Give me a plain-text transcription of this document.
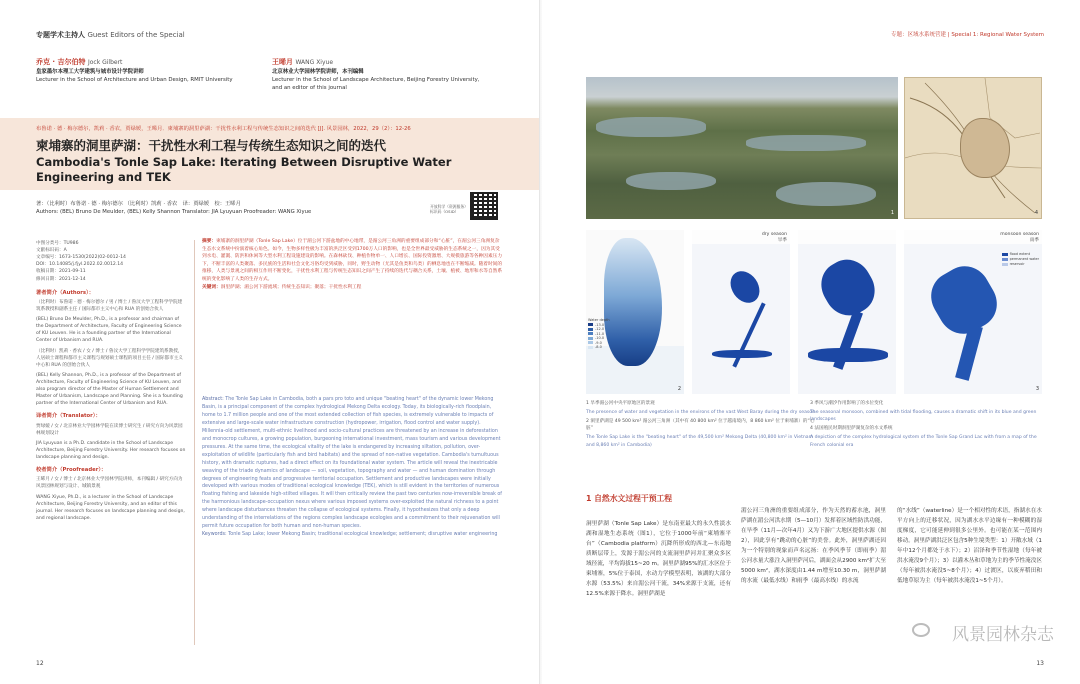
专题学术主持人 Guest Editors of the Special
乔克 · 吉尔伯特 Jock Gilbert
皇家墨尔本理工大学建筑与城市设计学院讲师
Lecturer in the School of Architecture and Urban Design, RMIT University
王晞月 WANG Xiyue
北京林业大学园林学院讲师，本刊编辑
Lecturer in the School of Landscape Architecture, Beijing Forestry University, and an editor of this journal
布鲁诺 · 德 · 梅尔德尔，凯莉 · 香农，贾绿媛，王晞月．柬埔寨的洞里萨湖：干扰性水利工程与传统生态知识之间的迭代 [J]. 风景园林，2022，29（2）：12-26
柬埔寨的洞里萨湖：干扰性水利工程与传统生态知识之间的迭代
Cambodia's Tonle Sap Lake: Iterating Between Disruptive Water Engineering and TEK
开放科学（资源服务）标识码（OSID）
著：（比利时）布鲁诺 · 德 · 梅尔德尔 （比利时）凯莉 · 香农　译：贾绿媛　校：王晞月
Authors: (BEL) Bruno De Meulder, (BEL) Kelly Shannon Translator: JIA Lyuyuan Proofreader: WANG Xiyue
中图分类号：TU986
文献标识码：A
文章编号：1673-1530(2022)02-0012-14
DOI：10.14085/j.fjyl.2022.02.0012.14
收稿日期：2021-09-11
修回日期：2021-12-14
著者简介（Authors）：

（比利时）布鲁诺 · 德 · 梅尔德尔 / 男 / 博士 / 鲁汶大学工程科学学院建筑系教授和副系主任 / 国际都市主义中心和 RUA 的创始合伙人

(BEL) Bruno De Meulder, Ph.D., is a professor and chairman of the Department of Architecture, Faculty of Engineering Science of KU Leuven. He is a founding partner of the International Center of Urbanism and RUA.

（比利时）凯莉 · 香农 / 女 / 博士 / 鲁汶大学工程科学学院建筑系教授，人居硕士课程和都市主义课程与规划硕士课程的项目主任 / 国际都市主义中心和 RUA 的创始合伙人

(BEL) Kelly Shannon, Ph.D., is a professor of the Department of Architecture, Faculty of Engineering Science of KU Leuven, and also program director of the Master of Human Settlement and Master of Urbanism, Landscape and Planning. She is a founding partner of the International Center of Urbanism and RUA.

译者简介（Translator）：

贾绿媛 / 女 / 北京林业大学园林学院在读博士研究生 / 研究方向为风景园林规划设计

JIA Lyuyuan is a Ph.D. candidate in the School of Landscape Architecture, Beijing Forestry University. Her research focuses on landscape planning and design.

校者简介（Proofreader）：

王晞月 / 女 / 博士 / 北京林业大学园林学院讲师，本刊编辑 / 研究方向为风景园林规划与设计、城镇景观

WANG Xiyue, Ph.D., is a lecturer in the School of Landscape Architecture, Beijing Forestry University, and an editor of this journal. Her research focuses on landscape planning and design, and regional landscape.

摘要：柬埔寨的洞里萨湖（Tonle Sap Lake）位于湄公河下游盆地的中心地带，是湄公河三角洲的重要组成部分和“心脏”，在湄公河三角洲复杂生态水文系统中扮演着核心角色。如今，生物多样性极为丰富的洪泛区受到1700万人口的影响，也是全世界最受威胁的生态系统之一，因为其受到水电、灌溉、防洪和休闲等大型水利工程设施建设的影响。在森林砍伐、种植作物单一、人口增长、国际投资激增、大规模旅游等各种因素压力下，不断丰富的人类聚落、多民族的生活和社会文化习俗均受到威胁，同时，野生动物（尤其是鱼类和鸟类）的栖息地也在不断缩减。随着时间的推移，人类与景观之间的相互作用不断变化，干扰性水利工程与传统生态知识之间产生了持续的迭代与耦合关系，土壤、植被、地形和水等自然系统的变化影响了人类的生存方式。
关键词：洞里萨湖；湄公河下游流域；传统生态知识；聚落；干扰性水利工程
Abstract: The Tonle Sap Lake in Cambodia, both a pars pro toto and unique "beating heart" of the dynamic lower Mekong Basin, is a principal component of the complex hydrological Mekong Delta ecology. Today, its biologically-rich floodplain, home to 1.7 million people and one of the most extended collection of fish species, is extremely vulnerable to impacts of extensive and large-scale water infrastructure construction (hydropower, irrigation, flood control and water supply). Millennia-old settlement, multi-ethnic livelihood and socio-cultural practices are threatened by an increase in deforestation and monocrop cultures, a growing population, burgeoning international investment, mass tourism and various development pressures. At the same time, the ecological vitality of the lake is endangered by increasing siltation, pollution, over-exploitation of wildlife (particularly fish and bird habitats) and the spread of non-native vegetation. Cambodia's tumultuous history, with dramatic ruptures, had a direct effect on its foundational water system. The article will reveal the inextricable weaving of the triade dynamics of landscape — soil, vegetation, topography and water — and human domination through degrees of engineering feats and progressive territorial occupation. Settlement and productive landscapes were initially developed with various modes of traditional ecological knowledge (TEK), which is still evident in the territories of numerous floating fishing and lakeside high-stilted villages. It will then critically review the past two centuries now-irreversible break of the harmonious landscape-occupation nexus where various imposed systems over-exploited the natural richness to a point where landscape disturbances threaten the collapse of ecological systems. Finally, it hypothesizes that only a deep understanding of the interrelations of the regions complex landscape ecologies and a commitment to their rejuvenation will permit future occupation for both human and non-human species.
Keywords: Tonle Sap Lake; lower Mekong Basin; traditional ecological knowledge; settlement; disruptive water engineering
12
专题：区域水系统营建 | Special 1: Regional Water System
1	4
Water depth
-13.0
-12.0
-11.0
-10.0
-9.0
-8.0
2
dry season
旱季
monsoon season
雨季
flood extent
permanent water
reservoir
3

1 旱季湄公河中央平原地区的景观

The presence of water and vegetation in the environs of the vast West Baray during the dry season

2 洞里萨湖是 49 500 km² 湄公河三角洲（其中有 40 800 km² 位于越南境内，8 860 km² 位于柬埔寨）的“心脏”

The Tonle Sap Lake is the "beating heart" of the 49,500 km² Mekong Delta (40,800 km² in Vietnam and 8,860 km² in Cambodia)

3 季风与潮汐作用影响了的水位变化

The seasonal monsoon, combined with tidal flooding, causes a dramatic shift in its blue and green landscapes

4 法国殖民时期洞里萨湖复杂的水文系统

A depiction of the complex hydrological system of the Tonle Sap Grand Lac with from a map of the French colonial era

1 自然水文过程干预工程
洞里萨湖（Tonle Sap Lake）是东南亚最大的永久性淡水湖和湿地生态系统（图1），它位于1000年前“柬埔寨平台”（Cambodia platform）沉降所形成的西北—东南地质断层带上，发源于湄公河的支流洞里萨河并汇聚众多区域径流，平均海拔15~20 m。洞里萨湖95%的汇水区位于柬埔寨，5%位于泰国，水动力学模型表明，该湖的大部分水源（53.5%）来自湄公河干流，34%来源于支流，还有12.5%来源于降水。洞里萨湖是
湄公河三角洲的重要组成部分，作为天然的蓄水池，洞里萨湖在湄公河洪水期（5—10月）发挥着区域性防洪功能，在旱季（11月—次年4月）又为下游广大地区提供水源（图2），因此享有“跳动的心脏”的美誉。此外，洞里萨湖还因为一个特别的现象而声名远扬：在季风季节（即雨季）湄公河水量大涨注入洞里萨河后，湖面会从2900 km²扩大至5000 km²，湖水深度由1.44 m增至10.30 m，洞里萨湖的水流（最低水线）和雨季（最高水线）的水流
的“水线”（waterline）是一个相对性的术语，指湖水在水平方向上的迁移状况，因为湖水水平边缘有一种模糊的湿度梯度，它可能延伸到很多公里外。也可能在某一范围内移动。洞里萨湖洪泛区包含5种生境类型：1）开敞水域（1年中12个月都处于水下）；2）沼泽和季节性湿地（每年被洪水淹没9个月）；3）以灌木丛和草地为主的季节性淹没区（每年被洪水淹没5~8个月）；4）过渡区，以废弃稻田和低地草原为主（每年被洪水淹没1~5个月）。
风景园林杂志
13
